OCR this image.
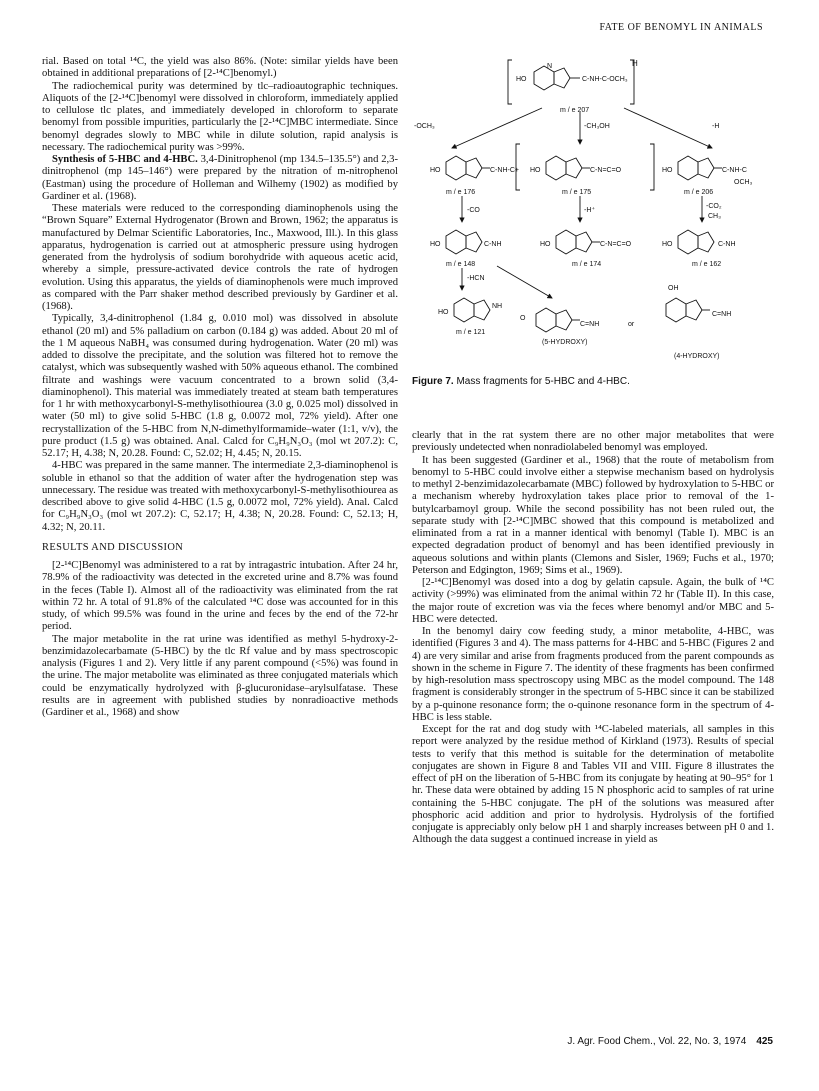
FATE OF BENOMYL IN ANIMALS

rial. Based on total ¹⁴C, the yield was also 86%. (Note: similar yields have been obtained in additional preparations of [2-¹⁴C]benomyl.)

The radiochemical purity was determined by tlc–radioautographic techniques. Aliquots of the [2-¹⁴C]benomyl were dissolved in chloroform, immediately applied to cellulose tlc plates, and immediately developed in chloroform to separate benomyl from possible impurities, particularly the [2-¹⁴C]MBC intermediate. Since benomyl degrades slowly to MBC while in dilute solution, rapid analysis is necessary. The radiochemical purity was >99%.

Synthesis of 5-HBC and 4-HBC. 3,4-Dinitrophenol (mp 134.5–135.5°) and 2,3-dinitrophenol (mp 145–146°) were prepared by the nitration of m-nitrophenol (Eastman) using the procedure of Holleman and Wilhemy (1902) as modified by Gardiner et al. (1968).

These materials were reduced to the corresponding diaminophenols using the “Brown Square” External Hydrogenator (Brown and Brown, 1962; the apparatus is manufactured by Delmar Scientific Laboratories, Inc., Maxwood, Ill.). In this glass apparatus, hydrogenation is carried out at atmospheric pressure using hydrogen generated from the hydrolysis of sodium borohydride with aqueous acetic acid, whereby a simple, pressure-activated device controls the rate of hydrogen evolution. Using this apparatus, the yields of diaminophenols were much improved as compared with the Parr shaker method described previously by Gardiner et al. (1968).

Typically, 3,4-dinitrophenol (1.84 g, 0.010 mol) was dissolved in absolute ethanol (20 ml) and 5% palladium on carbon (0.184 g) was added. About 20 ml of the 1 M aqueous NaBH₄ was consumed during hydrogenation. Water (20 ml) was added to dissolve the precipitate, and the solution was filtered hot to remove the catalyst, which was subsequently washed with 50% aqueous ethanol. The combined filtrate and washings were vacuum concentrated to a brown solid (3,4-diaminophenol). This material was immediately treated at steam bath temperatures for 1 hr with methoxycarbonyl-S-methylisothiourea (3.0 g, 0.025 mol) dissolved in water (50 ml) to give solid 5-HBC (1.8 g, 0.0072 mol, 72% yield). After one recrystallization of the 5-HBC from N,N-dimethylformamide–water (1:1, v/v), the pure product (1.5 g) was obtained. Anal. Calcd for C₉H₉N₃O₃ (mol wt 207.2): C, 52.17; H, 4.38; N, 20.28. Found: C, 52.02; H, 4.45; N, 20.15.

4-HBC was prepared in the same manner. The intermediate 2,3-diaminophenol is soluble in ethanol so that the addition of water after the hydrogenation step was unnecessary. The residue was treated with methoxycarbonyl-S-methylisothiourea as described above to give solid 4-HBC (1.5 g, 0.0072 mol, 72% yield). Anal. Calcd for C₉H₉N₃O₃ (mol wt 207.2): C, 52.17; H, 4.38; N, 20.28. Found: C, 52.13; H, 4.32; N, 20.11.

RESULTS AND DISCUSSION

[2-¹⁴C]Benomyl was administered to a rat by intragastric intubation. After 24 hr, 78.9% of the radioactivity was detected in the excreted urine and 8.7% was found in the feces (Table I). Almost all of the radioactivity was eliminated from the rat within 72 hr. A total of 91.8% of the calculated ¹⁴C dose was accounted for in this study, of which 99.5% was found in the urine and feces by the end of the 72-hr period.

The major metabolite in the rat urine was identified as methyl 5-hydroxy-2-benzimidazolecarbamate (5-HBC) by the tlc Rf value and by mass spectroscopic analysis (Figures 1 and 2). Very little if any parent compound (<5%) was found in the urine. The major metabolite was eliminated as three conjugated materials which could be enzymatically hydrolyzed with β-glucuronidase–arylsulfatase. These results are in agreement with published studies by nonradioactive methods (Gardiner et al., 1968) and show

HO
N
C-NH-C-OCH₃
H
m / e 207
-OCH₃	-CH₃OH	-H
HO	C-NH-C+
m / e 176
HO	C-N=C=O
m / e 175
HO	C-NH-C
OCH₃
m / e 206
-CO	-H⁺
-CO₂
CH₃
HO	C-NH
m / e 148
HO	C-N=C=O
m / e 174
HO	C-NH
m / e 162
-HCN
HO
NH
m / e 121
O
C=NH
(5-HYDROXY)
or
OH
C=NH
(4-HYDROXY)
Figure 7. Mass fragments for 5-HBC and 4-HBC.

clearly that in the rat system there are no other major metabolites that were previously undetected when nonradiolabeled benomyl was employed.

It has been suggested (Gardiner et al., 1968) that the route of metabolism from benomyl to 5-HBC could involve either a stepwise mechanism based on hydrolysis to methyl 2-benzimidazolecarbamate (MBC) followed by hydroxylation to 5-HBC or a mechanism whereby hydroxylation takes place prior to removal of the 1-butylcarbamoyl group. While the second possibility has not been ruled out, the separate study with [2-¹⁴C]MBC showed that this compound is metabolized and eliminated from a rat in a manner identical with benomyl (Table I). MBC is an expected degradation product of benomyl and has been identified previously in aqueous solutions and within plants (Clemons and Sisler, 1969; Fuchs et al., 1970; Peterson and Edgington, 1969; Sims et al., 1969).

[2-¹⁴C]Benomyl was dosed into a dog by gelatin capsule. Again, the bulk of ¹⁴C activity (>99%) was eliminated from the animal within 72 hr (Table II). In this case, the major route of excretion was via the feces where benomyl and/or MBC and 5-HBC were detected.

In the benomyl dairy cow feeding study, a minor metabolite, 4-HBC, was identified (Figures 3 and 4). The mass patterns for 4-HBC and 5-HBC (Figures 2 and 4) are very similar and arise from fragments produced from the parent compounds as shown in the scheme in Figure 7. The identity of these fragments has been confirmed by high-resolution mass spectroscopy using MBC as the model compound. The 148 fragment is considerably stronger in the spectrum of 5-HBC since it can be stabilized by a p-quinone resonance form; the o-quinone resonance form in the spectrum of 4-HBC is less stable.

Except for the rat and dog study with ¹⁴C-labeled materials, all samples in this report were analyzed by the residue method of Kirkland (1973). Results of special tests to verify that this method is suitable for the determination of metabolite conjugates are shown in Figure 8 and Tables VII and VIII. Figure 8 illustrates the effect of pH on the liberation of 5-HBC from its conjugate by heating at 90–95° for 1 hr. These data were obtained by adding 15 N phosphoric acid to samples of rat urine containing the 5-HBC conjugate. The pH of the solutions was measured after phosphoric acid addition and prior to hydrolysis. Hydrolysis of the fortified conjugate is appreciably only below pH 1 and sharply increases between pH 0 and 1. Although the data suggest a continued increase in yield as

J. Agr. Food Chem., Vol. 22, No. 3, 1974 425
